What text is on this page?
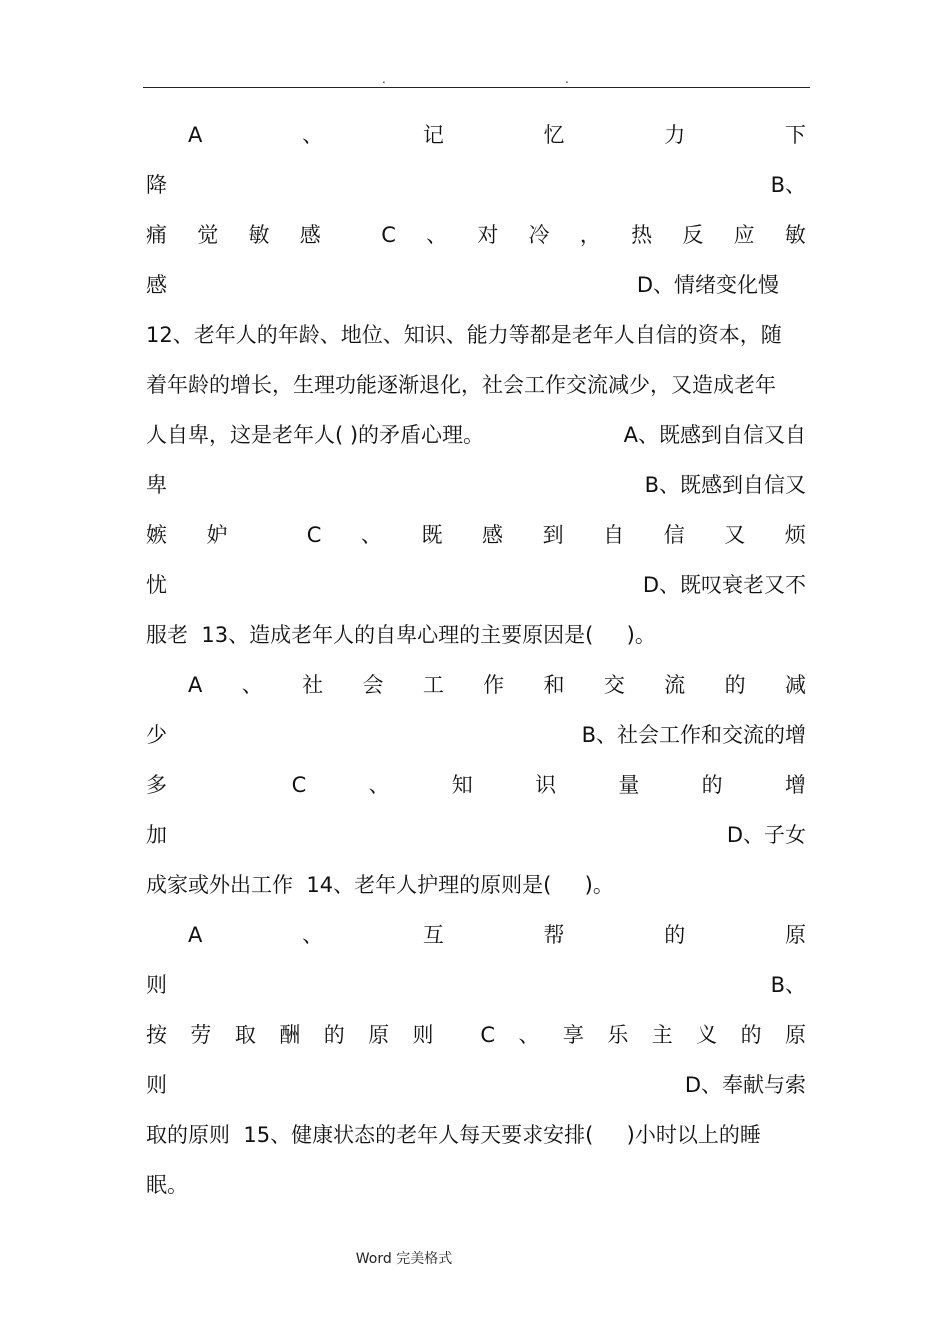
.	.
A	、	记	忆	力	下
降	B、
痛 觉 敏 感	C 、 对 冷 ， 热 反 应 敏
感	D、情绪变化慢
12、老年人的年龄、地位、知识、能力等都是老年人自信的资本，随
着年龄的增长，生理功能逐渐退化，社会工作交流减少，又造成老年
人自卑，这是老年人( )的矛盾心理。	A、既感到自信又自
卑	B、既感到自信又
嫉 妒	C 、 既 感 到 自 信 又 烦
忧	D、既叹衰老又不
服老  13、造成老年人的自卑心理的主要原因是(     )。
A 、 社 会 工 作 和 交 流 的 减
少	B、社会工作和交流的增
多	C	、	知	识	量	的	增
加	D、子女
成家或外出工作  14、老年人护理的原则是(     )。
A	、	互	帮	的	原
则	B、
按 劳 取 酬 的 原 则 C 、 享 乐 主 义 的 原
则	D、奉献与索
取的原则  15、健康状态的老年人每天要求安排(     )小时以上的睡
眠。
Word 完美格式
